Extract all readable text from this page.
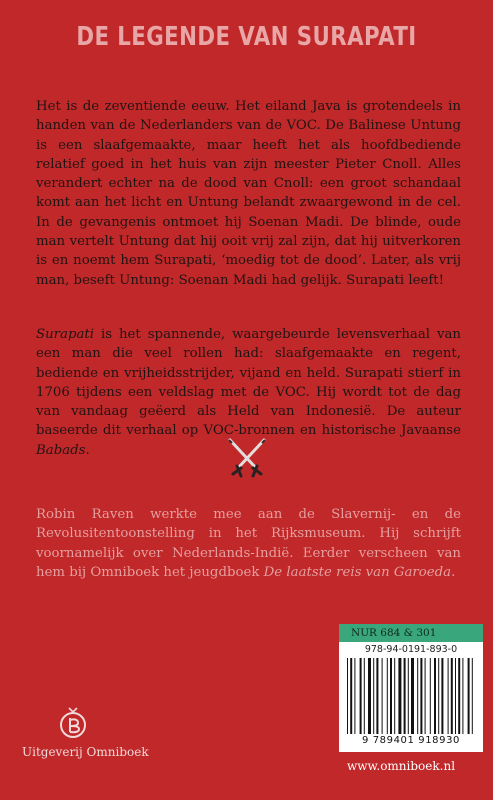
DE LEGENDE VAN SURAPATI

Het is de zeventiende eeuw. Het eiland Java is grotendeels in handen van de Nederlanders van de VOC. De Balinese Untung is een slaafgemaakte, maar heeft het als hoofdbediende relatief goed in het huis van zijn meester Pieter Cnoll. Alles verandert echter na de dood van Cnoll: een groot schandaal komt aan het licht en Untung belandt zwaargewond in de cel. In de gevangenis ontmoet hij Soenan Madi. De blinde, oude man vertelt Untung dat hij ooit vrij zal zijn, dat hij uitverkoren is en noemt hem Surapati, ‘moedig tot de dood’. Later, als vrij man, beseft Untung: Soenan Madi had gelijk. Surapati leeft!

Surapati is het spannende, waargebeurde levensverhaal van een man die veel rollen had: slaafgemaakte en regent, bediende en vrijheidsstrijder, vijand en held. Surapati stierf in 1706 tijdens een veldslag met de VOC. Hij wordt tot de dag van vandaag geëerd als Held van Indonesië. De auteur baseerde dit verhaal op VOC-bronnen en historische Javaanse Babads.

Robin Raven werkte mee aan de Slavernij- en de Revolusitentoonstelling in het Rijksmuseum. Hij schrijft voornamelijk over Nederlands-Indië. Eerder verscheen van hem bij Omniboek het jeugdboek De laatste reis van Garoeda.

NUR 684 & 301
978-94-0191-893-0
9 789401 918930
Uitgeverij Omniboek
www.omniboek.nl
